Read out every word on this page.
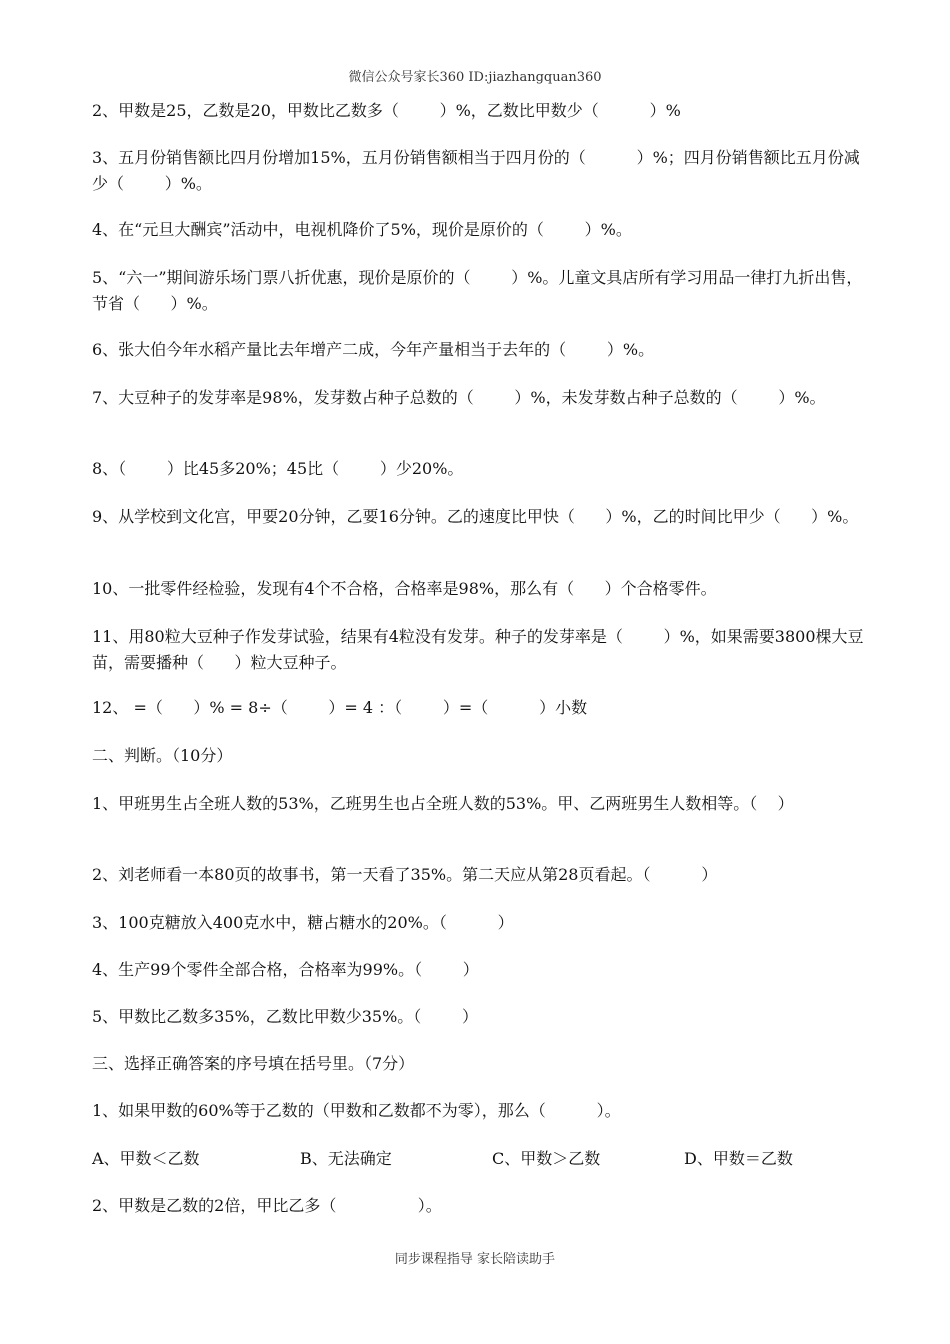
微信公众号家长360 ID:jiazhangquan360

2、甲数是25，乙数是20，甲数比乙数多（        ）%，乙数比甲数少（          ）%

3、五月份销售额比四月份增加15%，五月份销售额相当于四月份的（          ）%；四月份销售额比五月份减少（        ）%。

4、在“元旦大酬宾”活动中，电视机降价了5%，现价是原价的（        ）%。

5、“六一”期间游乐场门票八折优惠，现价是原价的（        ）%。儿童文具店所有学习用品一律打九折出售，节省（      ）%。

6、张大伯今年水稻产量比去年增产二成，今年产量相当于去年的（        ）%。

7、大豆种子的发芽率是98%，发芽数占种子总数的（        ）%，未发芽数占种子总数的（        ）%。

8、（        ）比45多20%；45比（        ）少20%。

9、从学校到文化宫，甲要20分钟，乙要16分钟。乙的速度比甲快（      ）%，乙的时间比甲少（      ）%。

10、一批零件经检验，发现有4个不合格，合格率是98%，那么有（      ）个合格零件。

11、用80粒大豆种子作发芽试验，结果有4粒没有发芽。种子的发芽率是（        ）%，如果需要3800棵大豆苗，需要播种（      ）粒大豆种子。

12、 =（      ）% = 8÷（        ）= 4 ：（        ）=（          ）小数

二、判断。（10分）

1、甲班男生占全班人数的53%，乙班男生也占全班人数的53%。甲、乙两班男生人数相等。（    ）

2、刘老师看一本80页的故事书，第一天看了35%。第二天应从第28页看起。（          ）

3、100克糖放入400克水中，糖占糖水的20%。（          ）

4、生产99个零件全部合格，合格率为99%。（        ）

5、甲数比乙数多35%，乙数比甲数少35%。（        ）

三、选择正确答案的序号填在括号里。（7分）

1、如果甲数的60%等于乙数的（甲数和乙数都不为零），那么（          ）。

A、甲数＜乙数	B、无法确定	C、甲数＞乙数	D、甲数＝乙数

2、甲数是乙数的2倍，甲比乙多（                ）。

同步课程指导 家长陪读助手
